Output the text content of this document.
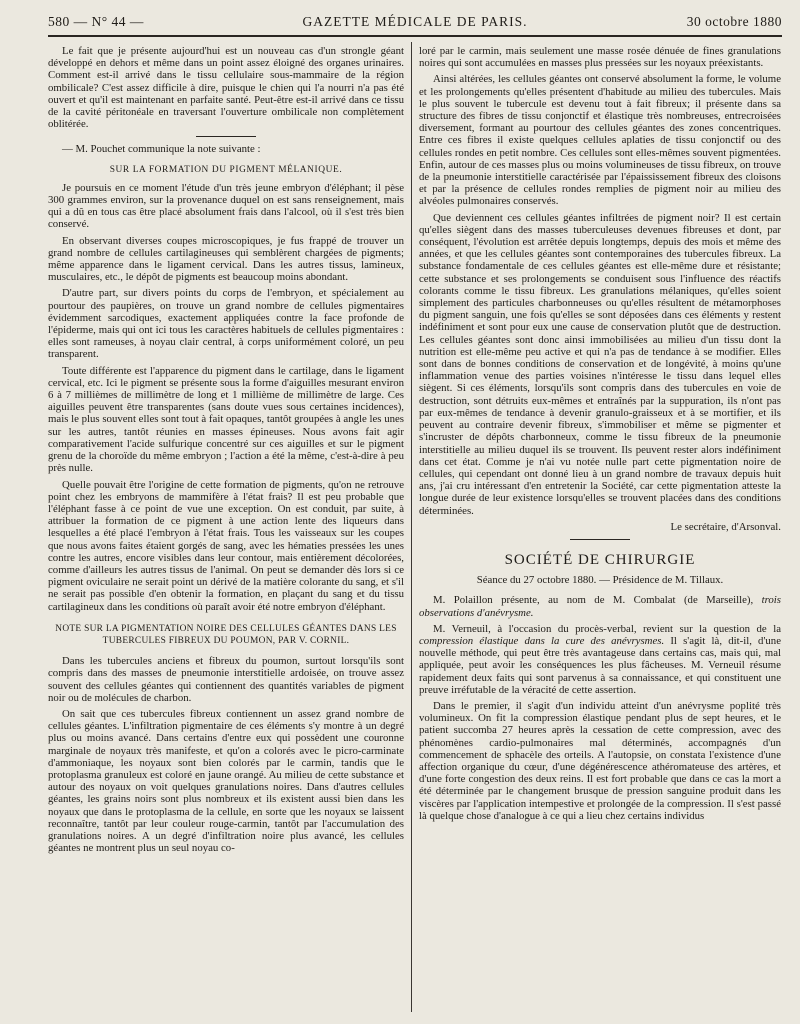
580 — N° 44 —	GAZETTE MÉDICALE DE PARIS.	30 octobre 1880

Le fait que je présente aujourd'hui est un nouveau cas d'un strongle géant développé en dehors et même dans un point assez éloigné des organes urinaires. Comment est-il arrivé dans le tissu cellulaire sous-mammaire de la région ombilicale? C'est assez difficile à dire, puisque le chien qui l'a nourri n'a pas été ouvert et qu'il est maintenant en parfaite santé. Peut-être est-il arrivé dans ce tissu de la cavité péritonéale en traversant l'ouverture ombilicale non complètement oblitérée.

— M. Pouchet communique la note suivante :

SUR LA FORMATION DU PIGMENT MÉLANIQUE.

Je poursuis en ce moment l'étude d'un très jeune embryon d'éléphant; il pèse 300 grammes environ, sur la provenance duquel on est sans renseignement, mais qui a dû en tous cas être placé absolument frais dans l'alcool, où il s'est très bien conservé.

En observant diverses coupes microscopiques, je fus frappé de trouver un grand nombre de cellules cartilagineuses qui semblèrent chargées de pigments; même apparence dans le ligament cervical. Dans les autres tissus, lamineux, musculaires, etc., le dépôt de pigments est beaucoup moins abondant.

D'autre part, sur divers points du corps de l'embryon, et spécialement au pourtour des paupières, on trouve un grand nombre de cellules pigmentaires évidemment sarcodiques, exactement appliquées contre la face profonde de l'épiderme, mais qui ont ici tous les caractères habituels de cellules pigmentaires : elles sont rameuses, à noyau clair central, à corps uniformément coloré, un peu transparent.

Toute différente est l'apparence du pigment dans le cartilage, dans le ligament cervical, etc. Ici le pigment se présente sous la forme d'aiguilles mesurant environ 6 à 7 millièmes de millimètre de long et 1 millième de millimètre de large. Ces aiguilles peuvent être transparentes (sans doute vues sous certaines incidences), mais le plus souvent elles sont tout à fait opaques, tantôt groupées à angle les unes sur les autres, tantôt réunies en masses épineuses. Nous avons fait agir comparativement l'acide sulfurique concentré sur ces aiguilles et sur le pigment grenu de la choroïde du même embryon ; l'action a été la même, c'est-à-dire à peu près nulle.

Quelle pouvait être l'origine de cette formation de pigments, qu'on ne retrouve point chez les embryons de mammifère à l'état frais? Il est peu probable que l'éléphant fasse à ce point de vue une exception. On est conduit, par suite, à attribuer la formation de ce pigment à une action lente des liqueurs dans lesquelles a été placé l'embryon à l'état frais. Tous les vaisseaux sur les coupes que nous avons faites étaient gorgés de sang, avec les hématies pressées les unes contre les autres, encore visibles dans leur contour, mais entièrement décolorées, comme d'ailleurs les autres tissus de l'animal. On peut se demander dès lors si ce pigment oviculaire ne serait point un dérivé de la matière colorante du sang, et s'il ne serait pas possible d'en obtenir la formation, en plaçant du sang et du tissu cartilagineux dans les conditions où paraît avoir été notre embryon d'éléphant.

NOTE SUR LA PIGMENTATION NOIRE DES CELLULES GÉANTES DANS LES TUBERCULES FIBREUX DU POUMON, PAR V. CORNIL.

Dans les tubercules anciens et fibreux du poumon, surtout lorsqu'ils sont compris dans des masses de pneumonie interstitielle ardoisée, on trouve assez souvent des cellules géantes qui contiennent des quantités variables de pigment noir ou de molécules de charbon.

On sait que ces tubercules fibreux contiennent un assez grand nombre de cellules géantes. L'infiltration pigmentaire de ces éléments s'y montre à un degré plus ou moins avancé. Dans certains d'entre eux qui possèdent une couronne marginale de noyaux très manifeste, et qu'on a colorés avec le picro-carminate d'ammoniaque, les noyaux sont bien colorés par le carmin, tandis que le protoplasma granuleux est coloré en jaune orangé. Au milieu de cette substance et autour des noyaux on voit quelques granulations noires. Dans d'autres cellules géantes, les grains noirs sont plus nombreux et ils existent aussi bien dans les noyaux que dans le protoplasma de la cellule, en sorte que les noyaux se laissent reconnaître, tantôt par leur couleur rouge-carmin, tantôt par l'accumulation des granulations noires. A un degré d'infiltration noire plus avancé, les cellules géantes ne montrent plus un seul noyau co-

loré par le carmin, mais seulement une masse rosée dénuée de fines granulations noires qui sont accumulées en masses plus pressées sur les noyaux préexistants.

Ainsi altérées, les cellules géantes ont conservé absolument la forme, le volume et les prolongements qu'elles présentent d'habitude au milieu des tubercules. Mais le plus souvent le tubercule est devenu tout à fait fibreux; il présente dans sa structure des fibres de tissu conjonctif et élastique très nombreuses, entrecroisées diversement, formant au pourtour des cellules géantes des zones concentriques. Entre ces fibres il existe quelques cellules aplaties de tissu conjonctif ou des cellules rondes en petit nombre. Ces cellules sont elles-mêmes souvent pigmentées. Enfin, autour de ces masses plus ou moins volumineuses de tissu fibreux, on trouve de la pneumonie interstitielle caractérisée par l'épaississement fibreux des cloisons et par la présence de cellules rondes remplies de pigment noir au milieu des alvéoles pulmonaires conservés.

Que deviennent ces cellules géantes infiltrées de pigment noir? Il est certain qu'elles siègent dans des masses tuberculeuses devenues fibreuses et dont, par conséquent, l'évolution est arrêtée depuis longtemps, depuis des mois et même des années, et que les cellules géantes sont contemporaines des tubercules fibreux. La substance fondamentale de ces cellules géantes est elle-même dure et résistante; cette substance et ses prolongements se conduisent sous l'influence des réactifs colorants comme le tissu fibreux. Les granulations mélaniques, qu'elles soient simplement des particules charbonneuses ou qu'elles résultent de métamorphoses du pigment sanguin, une fois qu'elles se sont déposées dans ces éléments y restent indéfiniment et sont pour eux une cause de conservation plutôt que de destruction. Les cellules géantes sont donc ainsi immobilisées au milieu d'un tissu dont la nutrition est elle-même peu active et qui n'a pas de tendance à se modifier. Elles sont dans de bonnes conditions de conservation et de longévité, à moins qu'une inflammation venue des parties voisines n'intéresse le tissu dans lequel elles siègent. Si ces éléments, lorsqu'ils sont compris dans des tubercules en voie de destruction, sont détruits eux-mêmes et entraînés par la suppuration, ils n'ont pas par eux-mêmes de tendance à devenir granulo-graisseux et à se mortifier, et ils peuvent au contraire devenir fibreux, s'immobiliser et même se pigmenter et s'incruster de dépôts charbonneux, comme le tissu fibreux de la pneumonie interstitielle au milieu duquel ils se trouvent. Ils peuvent rester alors indéfiniment dans cet état. Comme je n'ai vu notée nulle part cette pigmentation noire de cellules, qui cependant ont donné lieu à un grand nombre de travaux depuis huit ans, j'ai cru intéressant d'en entretenir la Société, car cette pigmentation atteste la longue durée de leur existence lorsqu'elles se trouvent placées dans des conditions déterminées.

Le secrétaire, d'Arsonval.

SOCIÉTÉ DE CHIRURGIE
Séance du 27 octobre 1880. — Présidence de M. Tillaux.

M. Polaillon présente, au nom de M. Combalat (de Marseille), trois observations d'anévrysme.

M. Verneuil, à l'occasion du procès-verbal, revient sur la question de la compression élastique dans la cure des anévrysmes. Il s'agit là, dit-il, d'une nouvelle méthode, qui peut être très avantageuse dans certains cas, mais qui, mal appliquée, peut avoir les conséquences les plus fâcheuses. M. Verneuil résume rapidement deux faits qui sont parvenus à sa connaissance, et qui constituent une preuve irréfutable de la véracité de cette assertion.

Dans le premier, il s'agit d'un individu atteint d'un anévrysme poplité très volumineux. On fit la compression élastique pendant plus de sept heures, et le patient succomba 27 heures après la cessation de cette compression, avec des phénomènes cardio-pulmonaires mal déterminés, accompagnés d'un commencement de sphacèle des orteils. A l'autopsie, on constata l'existence d'une affection organique du cœur, d'une dégénérescence athéromateuse des artères, et d'une forte congestion des deux reins. Il est fort probable que dans ce cas la mort a été déterminée par le changement brusque de pression sanguine produit dans les viscères par l'application intempestive et prolongée de la compression. Il s'est passé là quelque chose d'analogue à ce qui a lieu chez certains individus
